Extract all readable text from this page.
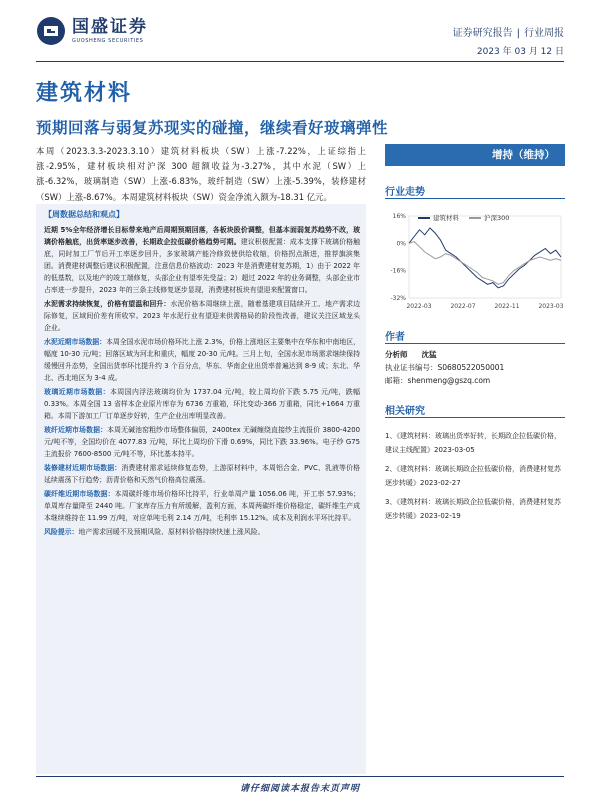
国盛证券
GUOSHENG SECURITIES
证券研究报告 | 行业周报
2023 年 03 月 12 日
建筑材料
预期回落与弱复苏现实的碰撞，继续看好玻璃弹性
本周（2023.3.3-2023.3.10）建筑材料板块（SW）上涨-7.22%，上证综指上涨-2.95%，建材板块相对沪深 300 超额收益为-3.27%，其中水泥（SW）上涨-6.32%，玻璃制造（SW）上涨-6.83%，玻纤制造（SW）上涨-5.39%，装修建材（SW）上涨-8.67%。本周建筑材料板块（SW）资金净流入额为-18.31 亿元。
增持（维持）
行业走势
16%
0%
-16%
-32%
2022-03	2022-07	2022-11	2023-03
建筑材料	沪深300
作者
分析师 沈猛
执业证书编号：S0680522050001
邮箱：shenmeng@gszq.com
相关研究
1、《建筑材料：玻璃出货率好转，长期政企拉低碳价格，建议主线配置》2023-03-05
2、《建筑材料：玻璃长期政企拉低碳价格，消费建材复苏逐步转暖》2023-02-27
3、《建筑材料：玻璃长期政企拉低碳价格，消费建材复苏逐步转暖》2023-02-19
【周数据总结和观点】

近期 5%全年经济增长目标带来地产后周期预期回落，各板块股价调整，但基本面弱复苏趋势不改，玻璃价格触底，出货率逐步改善，长期政企拉低碳价格趋势可期。建议积极配置：成本支撑下玻璃价格触底，同时加工厂节后开工率逐步回升，多家玻璃产能冷修致使供给收缩，价格拐点渐进，推荐旗滨集团。消费建材调整后建议积极配置，注意信息价格波动：2023 年是消费建材复苏期，1）由于 2022 年的低基数，以及地产的竣工端修复，头部企业有望率先受益；2）超过 2022 年的业务调整，头部企业市占率进一步提升，2023 年的三条主线修复逐步显现，消费建材板块有望迎来配置窗口。

水泥需求持续恢复，价格有望温和回升：水泥价格本周继续上涨，随着基建项目陆续开工、地产需求边际修复，区域间价差有所收窄。2023 年水泥行业有望迎来供需格局的阶段性改善，建议关注区域龙头企业。

水泥近期市场数据：本周全国水泥市场价格环比上涨 2.3%，价格上涨地区主要集中在华东和中南地区，幅度 10-30 元/吨；回落区域为河北和重庆，幅度 20-30 元/吨。三月上旬，全国水泥市场需求继续保持缓慢回升态势，全国出货率环比提升约 3 个百分点，华东、华南企业出货率普遍达到 8-9 成；东北、华北、西北地区为 3-4 成。

玻璃近期市场数据：本周国内浮法玻璃均价为 1737.04 元/吨，较上周均价下跌 5.75 元/吨，跌幅 0.33%。本周全国 13 省样本企业原片库存为 6736 万重箱，环比变动-366 万重箱，同比+1664 万重箱。本周下游加工厂订单逐步好转，生产企业出库明显改善。

玻纤近期市场数据：本周无碱池窑粗纱市场整体偏弱，2400tex 无碱缠绕直接纱主流报价 3800-4200 元/吨不等，全国均价在 4077.83 元/吨，环比上周均价下滑 0.69%，同比下跌 33.96%。电子纱 G75 主流报价 7600-8500 元/吨不等，环比基本持平。

装修建材近期市场数据：消费建材需求延续修复态势，上游原材料中，本周铝合金、PVC、乳液等价格延续震荡下行趋势；沥青价格和天然气价格高位震荡。

碳纤维近期市场数据：本周碳纤维市场价格环比持平，行业单周产量 1056.06 吨，开工率 57.93%；单周库存量降至 2440 吨。厂家库存压力有所缓解，盈利方面，本周两碳纤维价格稳定，碳纤维生产成本继续维持在 11.99 万/吨，对应单吨毛利 2.14 万/吨，毛利率 15.12%。成本及利润水平环比持平。

风险提示：地产需求回暖不及预期风险、原材料价格持续快速上涨风险。

请仔细阅读本报告末页声明
